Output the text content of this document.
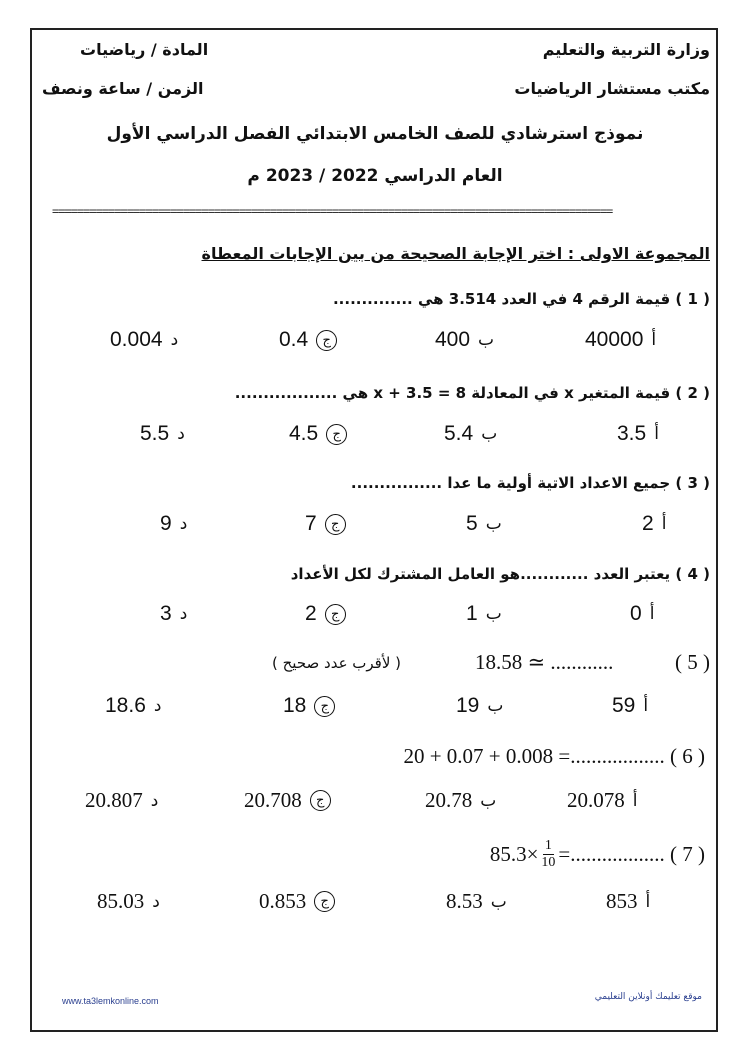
وزارة التربية والتعليم
مكتب مستشار الرياضيات
المادة / رياضيات
الزمن / ساعة ونصف
نموذج استرشادي للصف الخامس الابتدائي الفصل الدراسي الأول
العام الدراسي 2022 / 2023 م
==========================================================================================
المجموعة الاولى : اختر الإجابة الصحيحة من بين الإجابات المعطاة
( 1 ) قيمة الرقم 4 في العدد 3.514 هي ..............
40000 أ
400 ب
0.4	ج
0.004 د
( 2 ) قيمة المتغير x في المعادلة 8 = x + 3.5 هي ..................
3.5 أ
5.4 ب
4.5	ج
5.5 د
( 3 ) جميع الاعداد الاتية أولية ما عدا ................
2 أ
5 ب
7	ج
9 د
( 4 ) يعتبر العدد ............هو العامل المشترك لكل الأعداد
0 أ
1 ب
2	ج
3 د
( 5 )
18.58 ≃ ............
( لأقرب عدد صحيح )
59 أ
19 ب
18	ج
18.6 د
20 + 0.07 + 0.008 =.................. ( 6 )
20.078 أ
20.78 ب
20.708	ج
20.807 د
$85.3\times \frac{1}{10}$ =.................. ( 7 )
853 أ
8.53 ب
0.853	ج
85.03 د
www.ta3lemkonline.com	موقع تعليمك أونلاين التعليمي
